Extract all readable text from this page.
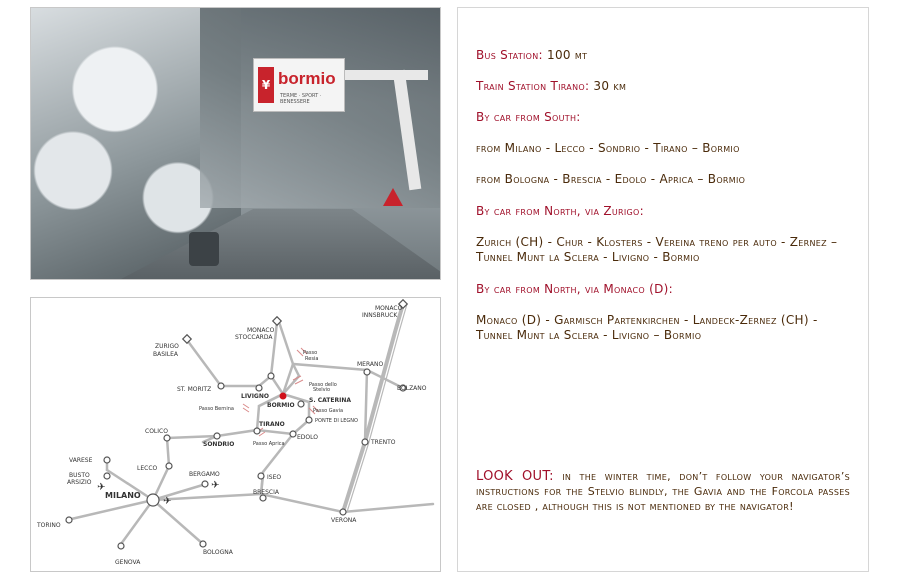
¥ bormio
TERME · SPORT · BENESSERE
✈
✈
✈
MONACO
INNSBRUCK
MONACO
STOCCARDA
ZURIGO
BASILEA	Passo
Resia
MERANO
BOLZANO
ST. MORITZ
LIVIGNO
Passo dello
Stelvio
S. CATERINA
BORMIO
Passo Bernina	Passo Gavia
PONTE DI LEGNO
COLICO
TIRANO
TRENTO
SONDRIO	Passo Aprica
EDOLO
VARESE
LECCO
BERGAMO	ISEO
BUSTO
ARSIZIO
MILANO	BRESCIA
TORINO
VERONA
BOLOGNA
GENOVA
Bus Station: 100 mt
Train Station Tirano: 30 km
By car from South:
from Milano - Lecco - Sondrio - Tirano – Bormio
from Bologna - Brescia - Edolo - Aprica – Bormio
By car from North, via Zurigo:
Zurich (CH) - Chur - Klosters - Vereina treno per auto - Zernez – Tunnel Munt la Sclera - Livigno - Bormio
By car from North, via Monaco (D):
Monaco (D) - Garmisch Partenkirchen - Landeck-Zernez (CH) - Tunnel Munt la Sclera - Livigno – Bormio
LOOK OUT: in the winter time, don’t follow your navigator’s instructions for the Stelvio blindly, the Gavia and the Forcola passes are closed , although this is not mentioned by the navigator!
